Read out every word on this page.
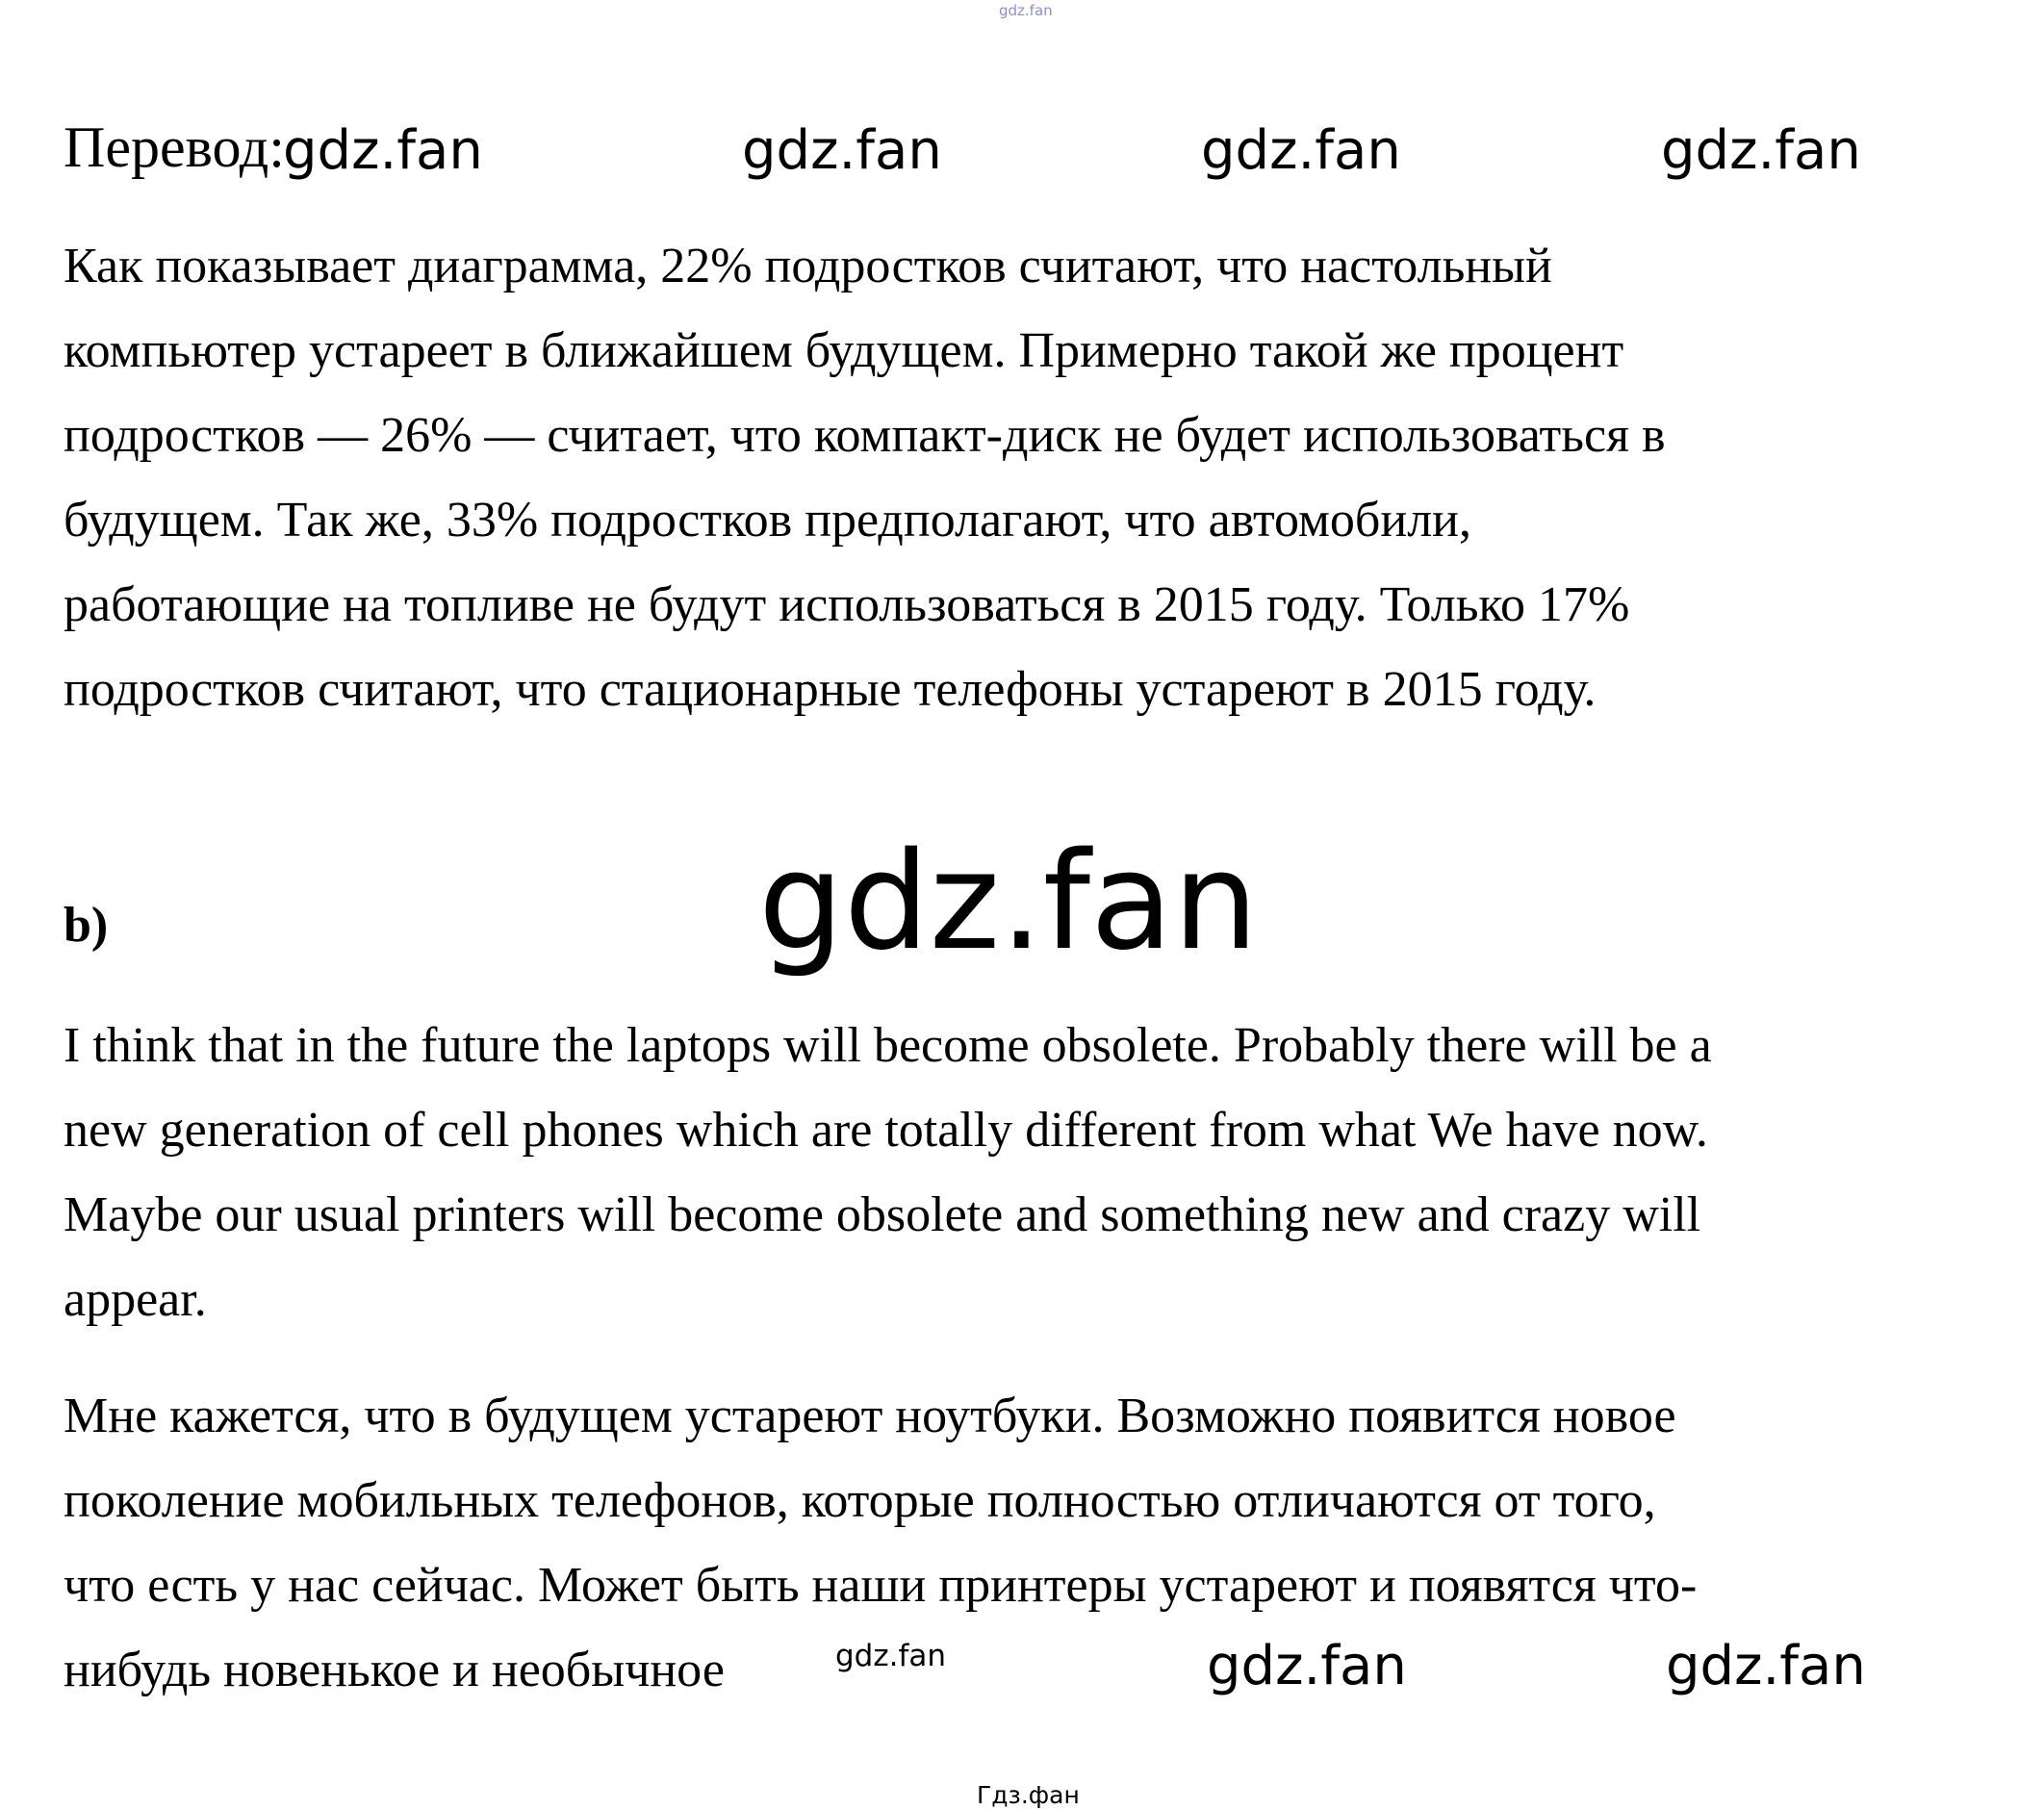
gdz.fan
Перевод:
gdz.fan	gdz.fan	gdz.fan	gdz.fan
Как показывает диаграмма, 22% подростков считают, что настольный
компьютер устареет в ближайшем будущем. Примерно такой же процент
подростков — 26% — считает, что компакт-диск не будет использоваться в
будущем. Так же, 33% подростков предполагают, что автомобили,
работающие на топливе не будут использоваться в 2015 году. Только 17%
подростков считают, что стационарные телефоны устареют в 2015 году.
b)	gdz.fan
I think that in the future the laptops will become obsolete. Probably there will be a
new generation of cell phones which are totally different from what We have now.
Maybe our usual printers will become obsolete and something new and crazy will
appear.
Мне кажется, что в будущем устареют ноутбуки. Возможно появится новое
поколение мобильных телефонов, которые полностью отличаются от того,
что есть у нас сейчас. Может быть наши принтеры устареют и появятся что-
нибудь новенькое и необычное	gdz.fan	gdz.fan	gdz.fan
Гдз.фан
